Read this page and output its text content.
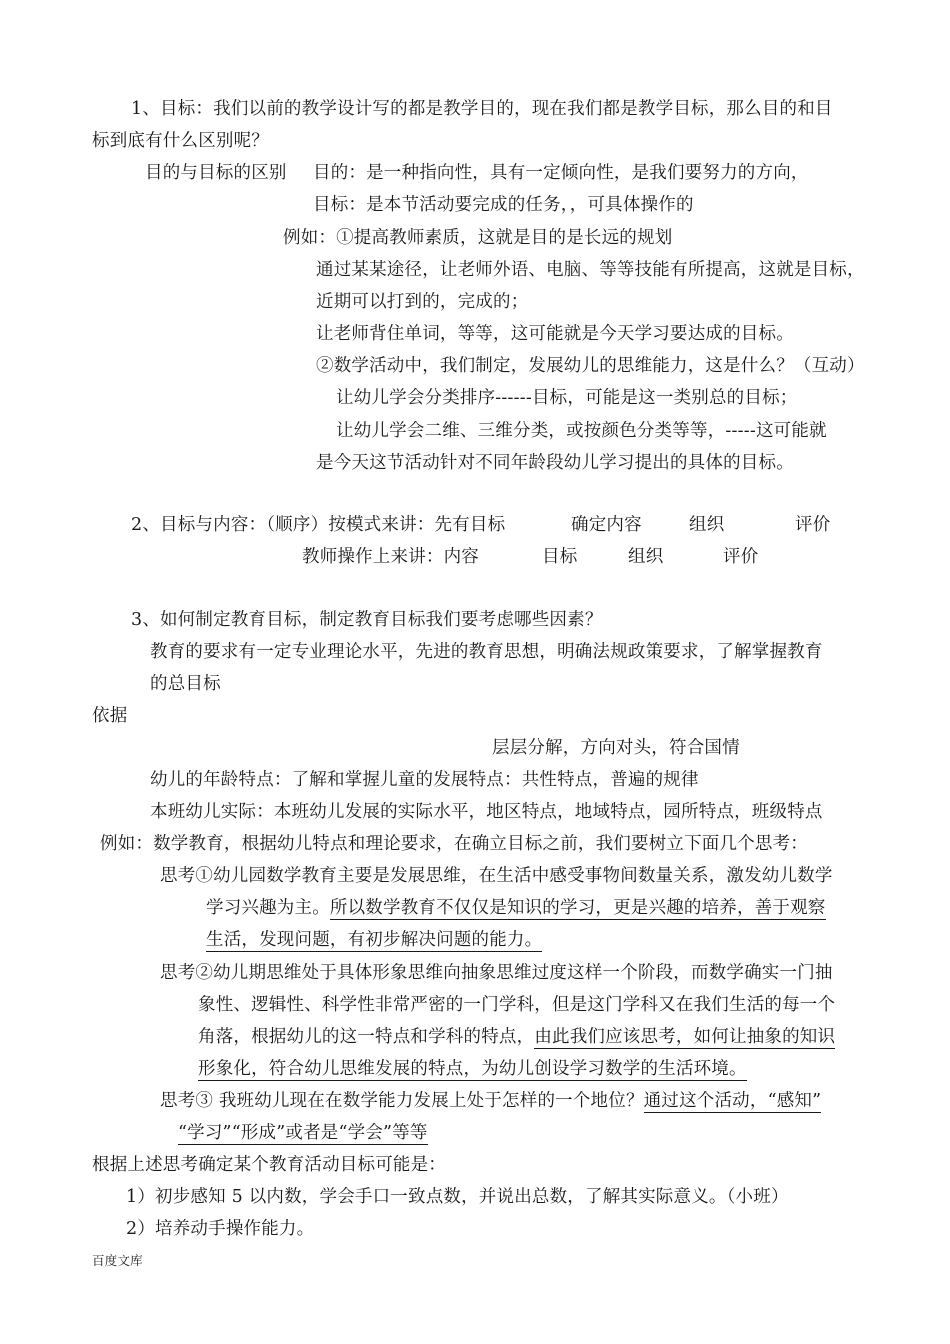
1、目标：我们以前的教学设计写的都是教学目的，现在我们都是教学目标，那么目的和目
标到底有什么区别呢？
目的与目标的区别 目的：是一种指向性，具有一定倾向性，是我们要努力的方向，
目标：是本节活动要完成的任务，，可具体操作的
例如：①提高教师素质，这就是目的是长远的规划
通过某某途径，让老师外语、电脑、等等技能有所提高，这就是目标，
近期可以打到的，完成的；
让老师背住单词，等等，这可能就是今天学习要达成的目标。
②数学活动中，我们制定，发展幼儿的思维能力，这是什么？（互动）
让幼儿学会分类排序------目标，可能是这一类别总的目标；
让幼儿学会二维、三维分类，或按颜色分类等等，-----这可能就
是今天这节活动针对不同年龄段幼儿学习提出的具体的目标。
2、目标与内容：（顺序）按模式来讲：先有目标	确定内容	组织	评价
教师操作上来讲：内容	目标	组织	评价
3、如何制定教育目标，制定教育目标我们要考虑哪些因素？
教育的要求有一定专业理论水平，先进的教育思想，明确法规政策要求，了解掌握教育
的总目标
依据
层层分解，方向对头，符合国情
幼儿的年龄特点：了解和掌握儿童的发展特点：共性特点，普遍的规律
本班幼儿实际：本班幼儿发展的实际水平，地区特点，地域特点，园所特点，班级特点
例如：数学教育，根据幼儿特点和理论要求，在确立目标之前，我们要树立下面几个思考：
思考①幼儿园数学教育主要是发展思维，在生活中感受事物间数量关系，激发幼儿数学
学习兴趣为主。所以数学教育不仅仅是知识的学习，更是兴趣的培养，善于观察
生活，发现问题，有初步解决问题的能力。
思考②幼儿期思维处于具体形象思维向抽象思维过度这样一个阶段，而数学确实一门抽
象性、逻辑性、科学性非常严密的一门学科，但是这门学科又在我们生活的每一个
角落，根据幼儿的这一特点和学科的特点，由此我们应该思考，如何让抽象的知识
形象化，符合幼儿思维发展的特点，为幼儿创设学习数学的生活环境。
思考③ 我班幼儿现在在数学能力发展上处于怎样的一个地位？通过这个活动，“感知”
“学习”“形成”或者是“学会”等等
根据上述思考确定某个教育活动目标可能是：
1）初步感知 5 以内数，学会手口一致点数，并说出总数，了解其实际意义。（小班）
2）培养动手操作能力。
百度文库
